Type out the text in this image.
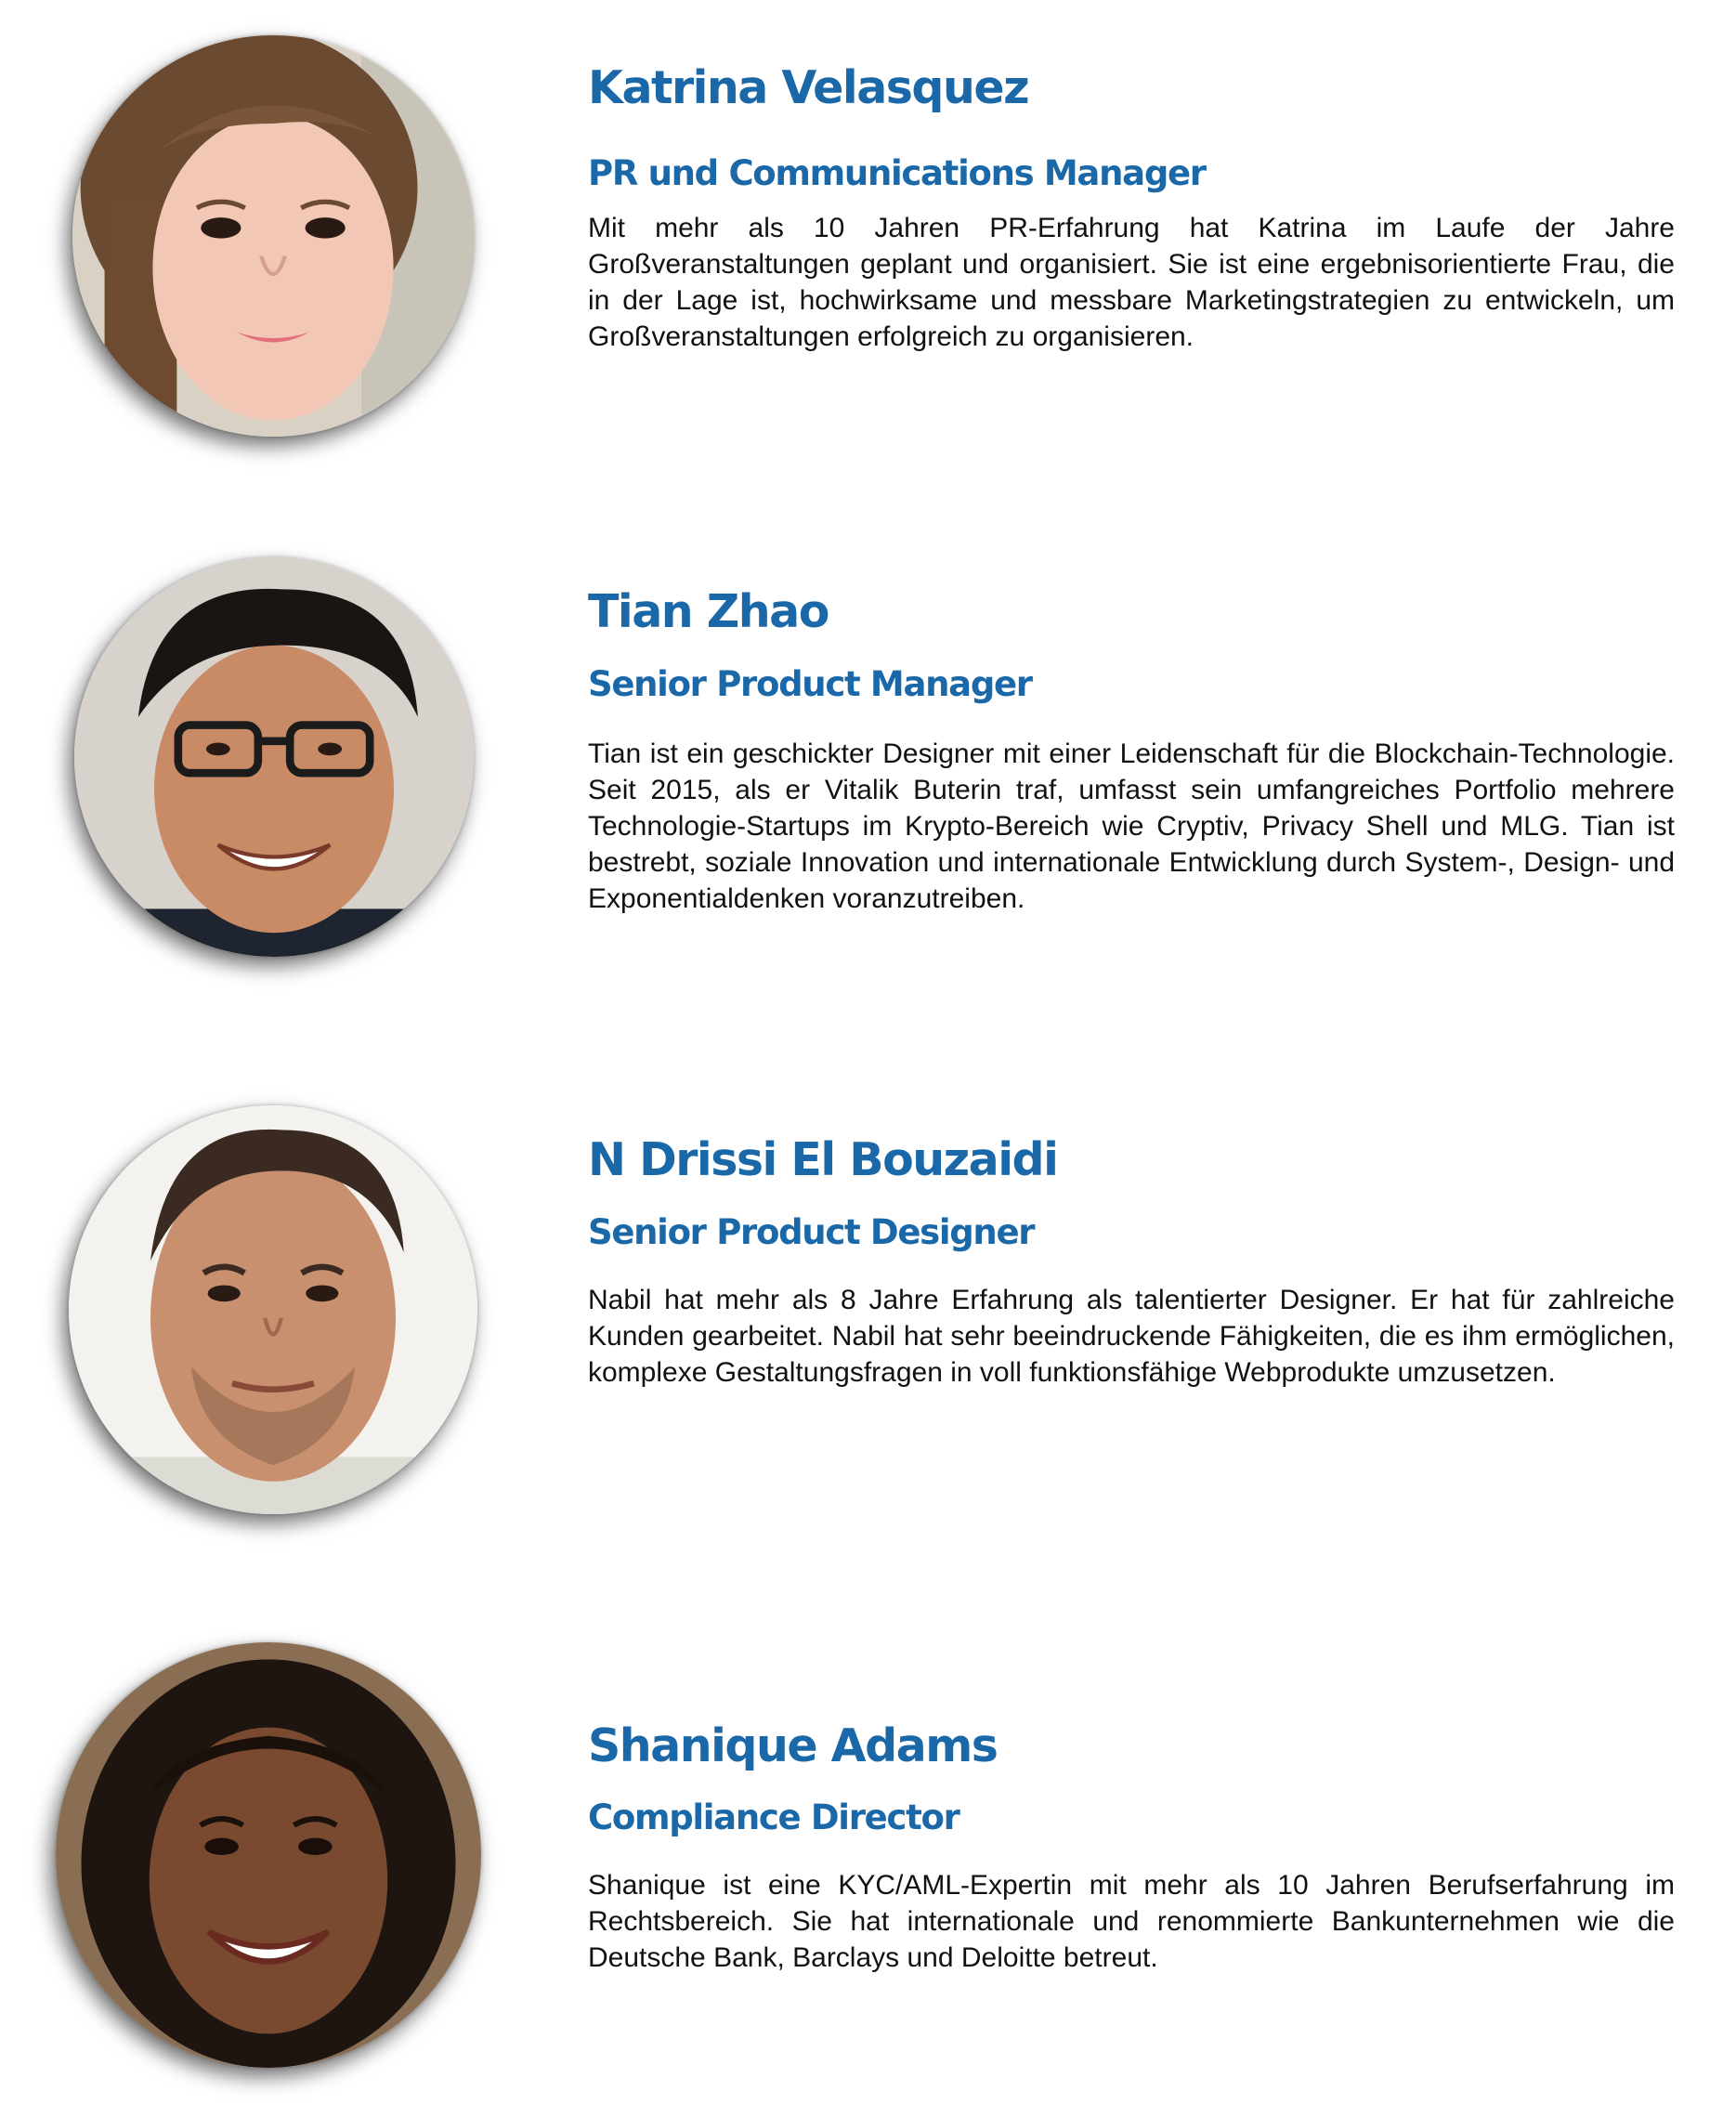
Katrina Velasquez
PR und Communications Manager

Mit mehr als 10 Jahren PR-Erfahrung hat Katrina im Laufe der Jahre Großveranstaltungen geplant und organisiert. Sie ist eine ergebnisorientierte Frau, die in der Lage ist, hochwirksame und messbare Marketingstrategien zu entwickeln, um Großveranstaltungen erfolgreich zu organisieren.

Tian Zhao
Senior Product Manager

Tian ist ein geschickter Designer mit einer Leidenschaft für die Blockchain-Technologie. Seit 2015, als er Vitalik Buterin traf, umfasst sein umfangreiches Portfolio mehrere Technologie-Startups im Krypto-Bereich wie Cryptiv, Privacy Shell und MLG. Tian ist bestrebt, soziale Innovation und internationale Entwicklung durch System-, Design- und Exponentialdenken voranzutreiben.

N Drissi El Bouzaidi
Senior Product Designer

Nabil hat mehr als 8 Jahre Erfahrung als talentierter Designer. Er hat für zahlreiche Kunden gearbeitet. Nabil hat sehr beeindruckende Fähigkeiten, die es ihm ermöglichen, komplexe Gestaltungsfragen in voll funktionsfähige Webprodukte umzusetzen.

Shanique Adams
Compliance Director

Shanique ist eine KYC/AML-Expertin mit mehr als 10 Jahren Berufserfahrung im Rechtsbereich. Sie hat internationale und renommierte Bankunternehmen wie die Deutsche Bank, Barclays und Deloitte betreut.
